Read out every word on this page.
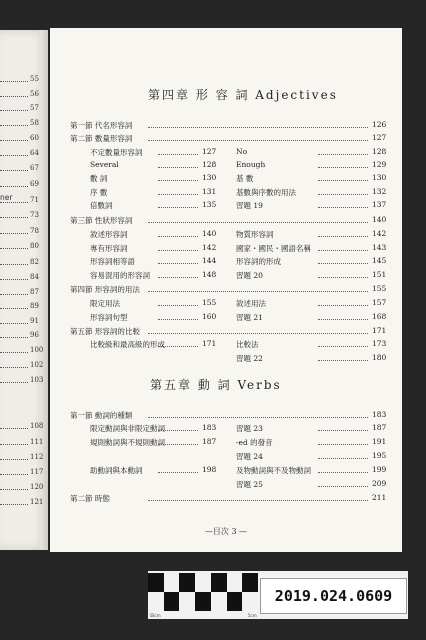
55
56
57
58
60
64
67
69
71
73
78
80
82
84
87
89
91
96
100
102
103
108
111
112
117
120
121
ner
第四章 形 容 詞 Adjectives
第五章 動 詞 Verbs
—目次 3 —
第一節 代名形容詞	126
第二節 數量形容詞	127
不定數量形容詞	127	No	128
Several	128	Enough	129
數 詞	130	基 數	130
序 數	131	基數與序數的用法	132
倍數詞	135	習題 19	137
第三節 性狀形容詞	140
敘述形容詞	140	物質形容詞	142
專有形容詞	142	國家・國民・國語名稱	143
形容詞相等語	144	形容詞的形成	145
容易混用的形容詞	148	習題 20	151
第四節 形容詞的用法	155
限定用法	155	敘述用法	157
形容詞句型	160	習題 21	168
第五節 形容詞的比較	171
比較級和最高級的形成	171	比較法	173
習題 22	180
第一節 動詞的種類	183
限定動詞與非限定動詞	183	習題 23	187
規則動詞與不規則動詞	187	-ed 的發音	191
習題 24	195
助動詞與本動詞	198	及物動詞與不及物動詞	199
習題 25	209
第二節 時態	211
0 3cm	5cm
2019.024.0609
